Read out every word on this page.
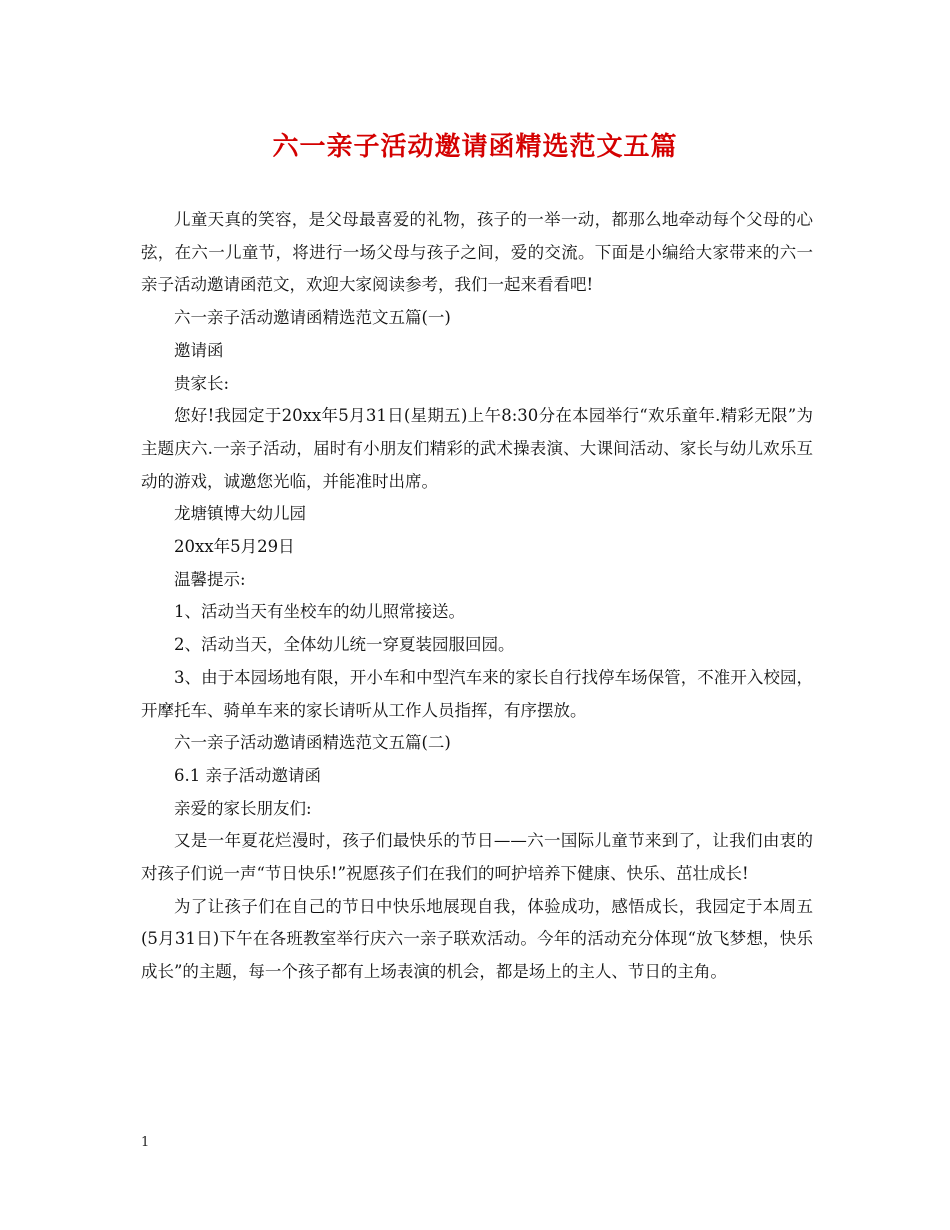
六一亲子活动邀请函精选范文五篇

儿童天真的笑容，是父母最喜爱的礼物，孩子的一举一动，都那么地牵动每个父母的心弦，在六一儿童节，将进行一场父母与孩子之间，爱的交流。下面是小编给大家带来的六一亲子活动邀请函范文，欢迎大家阅读参考，我们一起来看看吧!

六一亲子活动邀请函精选范文五篇(一)

邀请函

贵家长:

您好!我园定于20xx年5月31日(星期五)上午8:30分在本园举行“欢乐童年.精彩无限”为主题庆六.一亲子活动，届时有小朋友们精彩的武术操表演、大课间活动、家长与幼儿欢乐互动的游戏，诚邀您光临，并能准时出席。

龙塘镇博大幼儿园

20xx年5月29日

温馨提示:

1、活动当天有坐校车的幼儿照常接送。

2、活动当天，全体幼儿统一穿夏装园服回园。

3、由于本园场地有限，开小车和中型汽车来的家长自行找停车场保管，不准开入校园，开摩托车、骑单车来的家长请听从工作人员指挥，有序摆放。

六一亲子活动邀请函精选范文五篇(二)

6.1 亲子活动邀请函

亲爱的家长朋友们:

又是一年夏花烂漫时，孩子们最快乐的节日——六一国际儿童节来到了，让我们由衷的对孩子们说一声“节日快乐!”祝愿孩子们在我们的呵护培养下健康、快乐、茁壮成长!

为了让孩子们在自己的节日中快乐地展现自我，体验成功，感悟成长，我园定于本周五(5月31日)下午在各班教室举行庆六一亲子联欢活动。今年的活动充分体现“放飞梦想，快乐成长”的主题，每一个孩子都有上场表演的机会，都是场上的主人、节日的主角。

1
